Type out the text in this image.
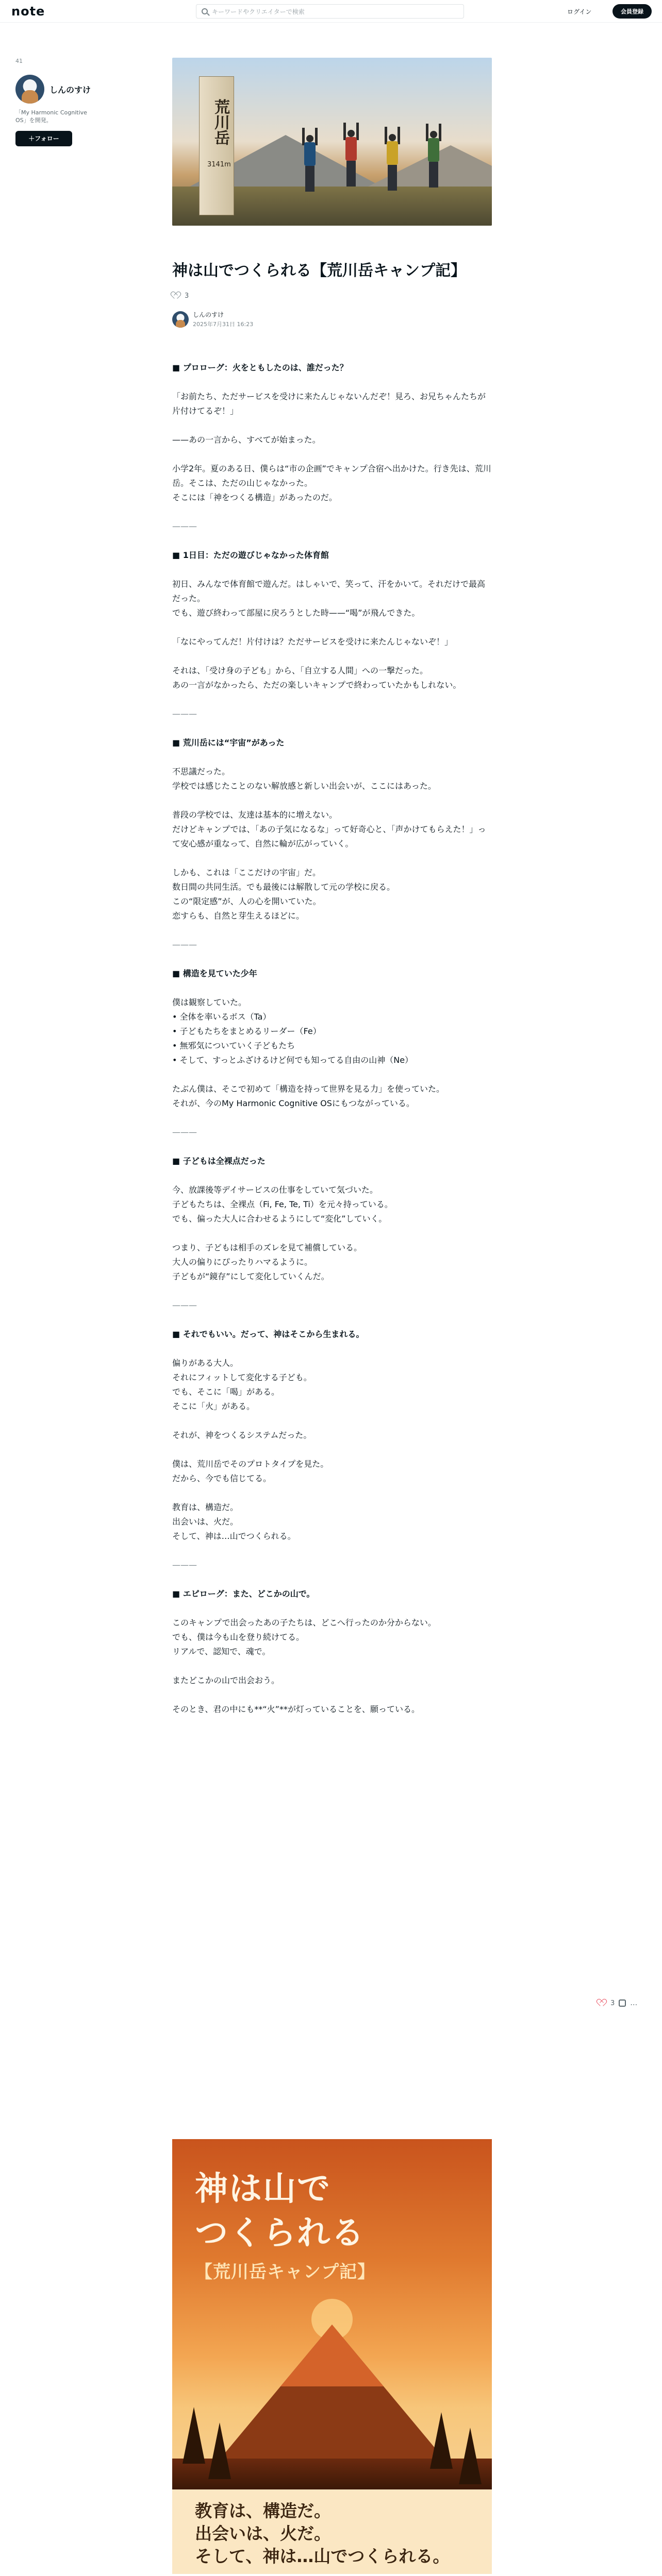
note	キーワードやクリエイターで検索	ログイン	会員登録
41
しんのすけ
「My Harmonic Cognitive OS」を開発。
＋ フォロー	荒川岳
3141m
神は山でつくられる【荒川岳キャンプ記】
3
しんのすけ
2025年7月31日 16:23

■ プロローグ：火をともしたのは、誰だった？

「お前たち、ただサービスを受けに来たんじゃないんだぞ！見ろ、お兄ちゃんたちが片付けてるぞ！」

——あの一言から、すべてが始まった。

小学2年。夏のある日、僕らは“市の企画”でキャンプ合宿へ出かけた。行き先は、荒川岳。そこは、ただの山じゃなかった。
そこには「神をつくる構造」があったのだ。

———

■ 1日目：ただの遊びじゃなかった体育館

初日、みんなで体育館で遊んだ。はしゃいで、笑って、汗をかいて。それだけで最高だった。
でも、遊び終わって部屋に戻ろうとした時——“喝”が飛んできた。

「なにやってんだ！片付けは？ただサービスを受けに来たんじゃないぞ！」

それは、「受け身の子ども」から、「自立する人間」への一撃だった。
あの一言がなかったら、ただの楽しいキャンプで終わっていたかもしれない。

———

■ 荒川岳には“宇宙”があった

不思議だった。
学校では感じたことのない解放感と新しい出会いが、ここにはあった。

普段の学校では、友達は基本的に増えない。
だけどキャンプでは、「あの子気になるな」って好奇心と、「声かけてもらえた！」って安心感が重なって、自然に輪が広がっていく。

しかも、これは「ここだけの宇宙」だ。
数日間の共同生活。でも最後には解散して元の学校に戻る。
この“限定感”が、人の心を開いていた。
恋すらも、自然と芽生えるほどに。

———

■ 構造を見ていた少年

僕は観察していた。
• 全体を率いるボス（Ta）
• 子どもたちをまとめるリーダー（Fe）
• 無邪気についていく子どもたち
• そして、すっとふざけるけど何でも知ってる自由の山神（Ne）

たぶん僕は、そこで初めて「構造を持って世界を見る力」を使っていた。
それが、今のMy Harmonic Cognitive OSにもつながっている。

———

■ 子どもは全裸点だった

今、放課後等デイサービスの仕事をしていて気づいた。
子どもたちは、全裸点（Fi, Fe, Te, Ti）を元々持っている。
でも、偏った大人に合わせるようにして“変化”していく。

つまり、子どもは相手のズレを見て補償している。
大人の偏りにぴったりハマるように。
子どもが“鏡存”にして変化していくんだ。

———

■ それでもいい。だって、神はそこから生まれる。

偏りがある大人。
それにフィットして変化する子ども。
でも、そこに「喝」がある。
そこに「火」がある。

それが、神をつくるシステムだった。

僕は、荒川岳でそのプロトタイプを見た。
だから、今でも信じてる。

教育は、構造だ。
出会いは、火だ。
そして、神は…山でつくられる。

———

■ エピローグ：また、どこかの山で。

このキャンプで出会ったあの子たちは、どこへ行ったのか分からない。
でも、僕は今も山を登り続けてる。
リアルで、認知で、魂で。

またどこかの山で出会おう。

そのとき、君の中にも**“火”**が灯っていることを、願っている。

神は山で
つくられる
【荒川岳キャンプ記】
教育は、構造だ。
出会いは、火だ。
そして、神は…山でつくられる。
3 …
